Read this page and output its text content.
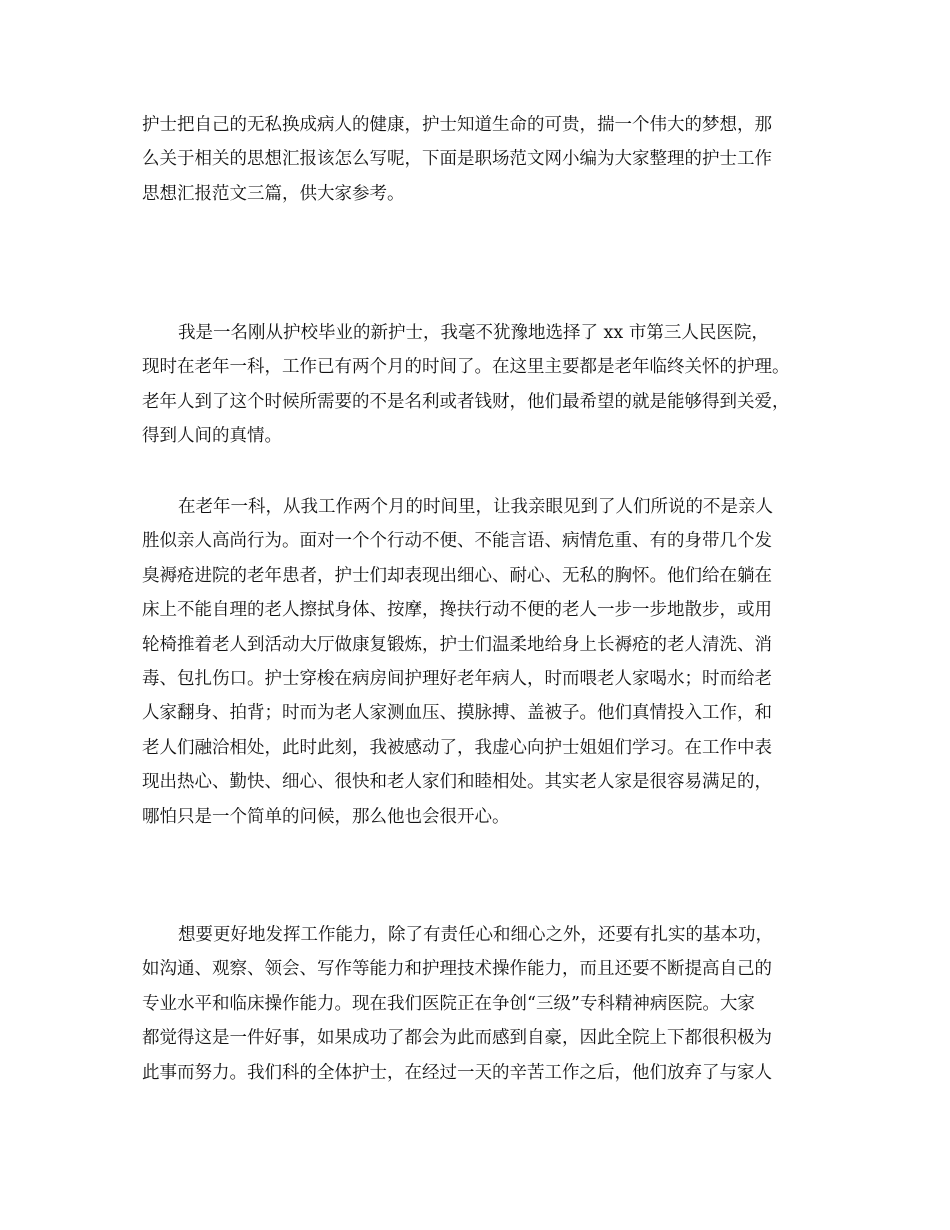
护士把自己的无私换成病人的健康，护士知道生命的可贵，揣一个伟大的梦想，那
么关于相关的思想汇报该怎么写呢，下面是职场范文网小编为大家整理的护士工作
思想汇报范文三篇，供大家参考。
我是一名刚从护校毕业的新护士，我毫不犹豫地选择了 xx 市第三人民医院，
现时在老年一科，工作已有两个月的时间了。在这里主要都是老年临终关怀的护理。
老年人到了这个时候所需要的不是名利或者钱财，他们最希望的就是能够得到关爱，
得到人间的真情。
在老年一科，从我工作两个月的时间里，让我亲眼见到了人们所说的不是亲人
胜似亲人高尚行为。面对一个个行动不便、不能言语、病情危重、有的身带几个发
臭褥疮进院的老年患者，护士们却表现出细心、耐心、无私的胸怀。他们给在躺在
床上不能自理的老人擦拭身体、按摩，搀扶行动不便的老人一步一步地散步，或用
轮椅推着老人到活动大厅做康复锻炼，护士们温柔地给身上长褥疮的老人清洗、消
毒、包扎伤口。护士穿梭在病房间护理好老年病人，时而喂老人家喝水；时而给老
人家翻身、拍背；时而为老人家测血压、摸脉搏、盖被子。他们真情投入工作，和
老人们融洽相处，此时此刻，我被感动了，我虚心向护士姐姐们学习。在工作中表
现出热心、勤快、细心、很快和老人家们和睦相处。其实老人家是很容易满足的，
哪怕只是一个简单的问候，那么他也会很开心。
想要更好地发挥工作能力，除了有责任心和细心之外，还要有扎实的基本功，
如沟通、观察、领会、写作等能力和护理技术操作能力，而且还要不断提高自己的
专业水平和临床操作能力。现在我们医院正在争创“三级”专科精神病医院。大家
都觉得这是一件好事，如果成功了都会为此而感到自豪，因此全院上下都很积极为
此事而努力。我们科的全体护士，在经过一天的辛苦工作之后，他们放弃了与家人
